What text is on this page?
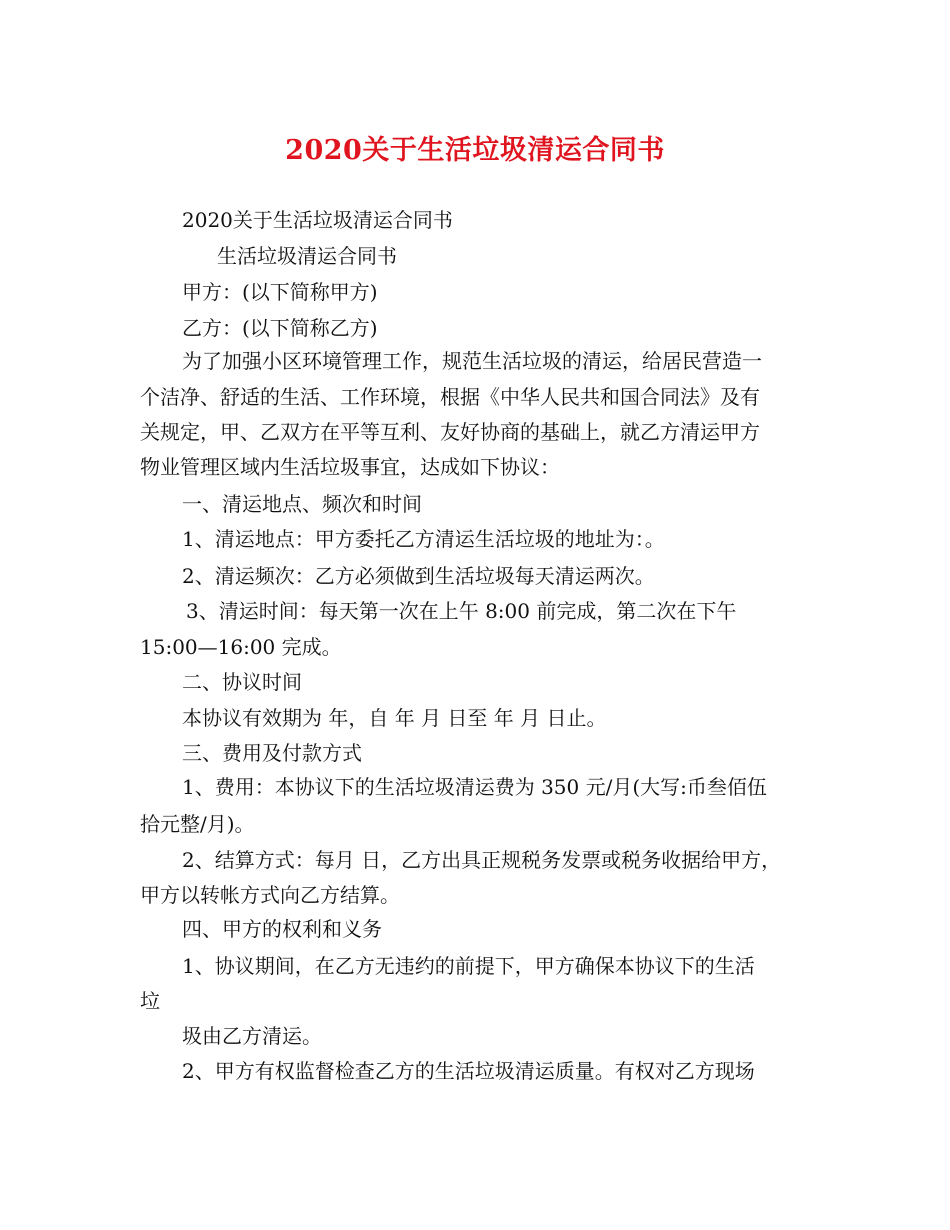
2020关于生活垃圾清运合同书
2020关于生活垃圾清运合同书
生活垃圾清运合同书
甲方：(以下简称甲方)
乙方：(以下简称乙方)
为了加强小区环境管理工作，规范生活垃圾的清运，给居民营造一
个洁净、舒适的生活、工作环境，根据《中华人民共和国合同法》及有
关规定，甲、乙双方在平等互利、友好协商的基础上，就乙方清运甲方
物业管理区域内生活垃圾事宜，达成如下协议：
一、清运地点、频次和时间
1、清运地点：甲方委托乙方清运生活垃圾的地址为：。
2、清运频次：乙方必须做到生活垃圾每天清运两次。
3、清运时间：每天第一次在上午 8:00 前完成，第二次在下午
15:00—16:00 完成。
二、协议时间
本协议有效期为 年，自 年 月 日至 年 月 日止。
三、费用及付款方式
1、费用：本协议下的生活垃圾清运费为 350 元/月(大写:币叁佰伍
拾元整/月)。
2、结算方式：每月 日，乙方出具正规税务发票或税务收据给甲方，
甲方以转帐方式向乙方结算。
四、甲方的权利和义务
1、协议期间，在乙方无违约的前提下，甲方确保本协议下的生活
垃
圾由乙方清运。
2、甲方有权监督检查乙方的生活垃圾清运质量。有权对乙方现场
